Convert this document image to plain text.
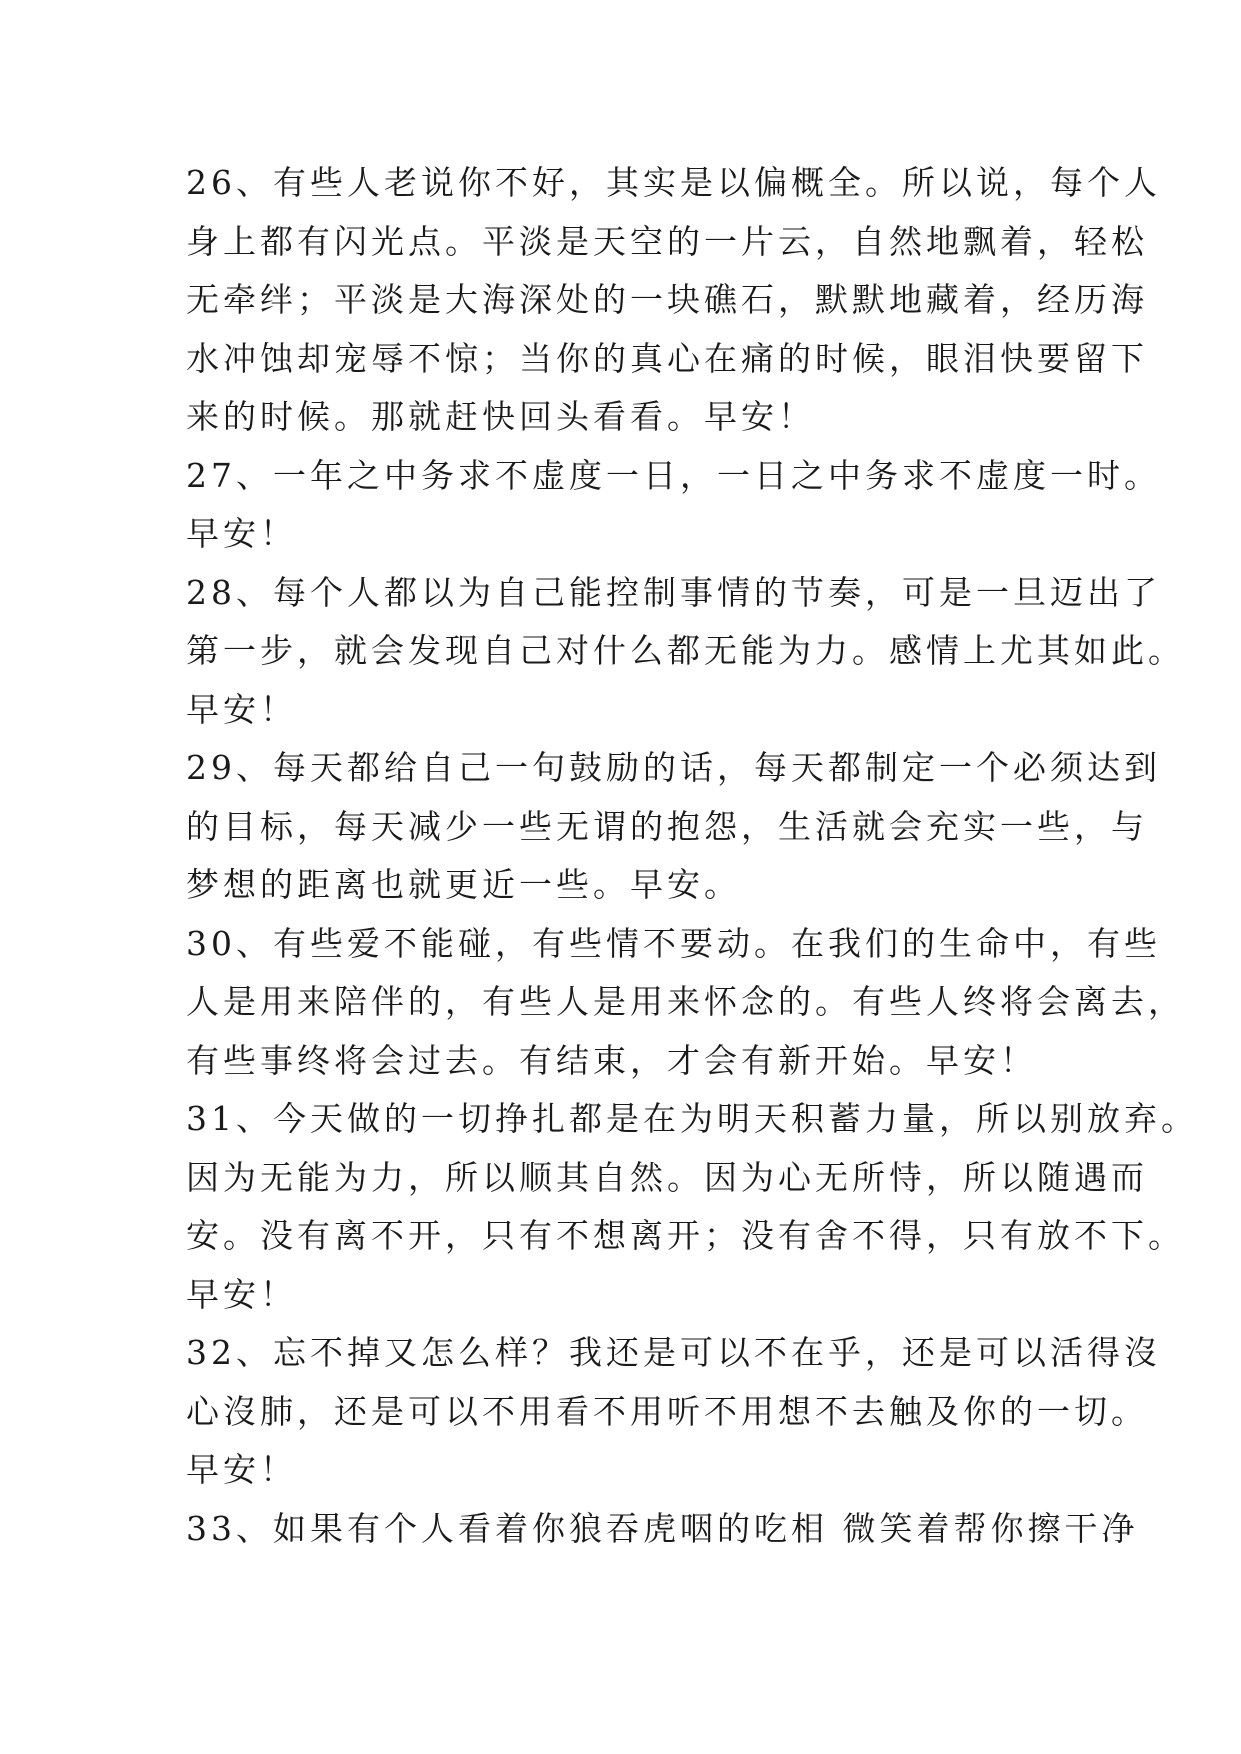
26、有些人老说你不好，其实是以偏概全。所以说，每个人
身上都有闪光点。平淡是天空的一片云，自然地飘着，轻松
无牵绊；平淡是大海深处的一块礁石，默默地藏着，经历海
水冲蚀却宠辱不惊；当你的真心在痛的时候，眼泪快要留下
来的时候。那就赶快回头看看。早安！
27、一年之中务求不虚度一日，一日之中务求不虚度一时。
早安！
28、每个人都以为自己能控制事情的节奏，可是一旦迈出了
第一步，就会发现自己对什么都无能为力。感情上尤其如此。
早安！
29、每天都给自己一句鼓励的话，每天都制定一个必须达到
的目标，每天减少一些无谓的抱怨，生活就会充实一些，与
梦想的距离也就更近一些。早安。
30、有些爱不能碰，有些情不要动。在我们的生命中，有些
人是用来陪伴的，有些人是用来怀念的。有些人终将会离去，
有些事终将会过去。有结束，才会有新开始。早安！
31、今天做的一切挣扎都是在为明天积蓄力量，所以别放弃。
因为无能为力，所以顺其自然。因为心无所恃，所以随遇而
安。没有离不开，只有不想离开；没有舍不得，只有放不下。
早安！
32、忘不掉又怎么样？我还是可以不在乎，还是可以活得沒
心沒肺，还是可以不用看不用听不用想不去触及你的一切。
早安！
33、如果有个人看着你狼吞虎咽的吃相 微笑着帮你擦干净
